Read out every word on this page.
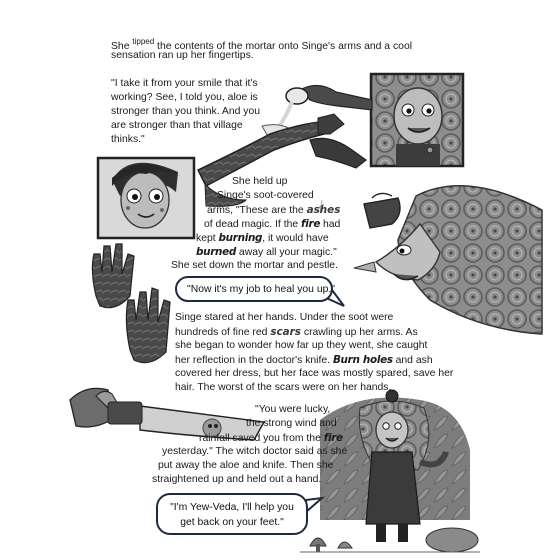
She $^{tipped}$ the contents of the mortar onto Singe's arms and a cool
sensation ran up her fingertips.
"I take it from your smile that it's
working? See, I told you, aloe is
stronger than you think. And you
are stronger than that village
thinks."
She held up
Singe's soot-covered
arms, "These are the ashes
of dead magic. If the fire had
kept burning, it would have
burned away all your magic."
She set down the mortar and pestle.
"Now it's my job to heal you up."
Singe stared at her hands. Under the soot were
hundreds of fine red scars crawling up her arms. As
she began to wonder how far up they went, she caught
her reflection in the doctor's knife. Burn holes and ash
covered her dress, but her face was mostly spared, save her
hair. The worst of the scars were on her hands.
"You were lucky,
the strong wind and
rainfall saved you from the fire
yesterday." The witch doctor said as she
put away the aloe and knife. Then she
straightened up and held out a hand.
"I'm Yew-Veda, I'll help you
get back on your feet."
